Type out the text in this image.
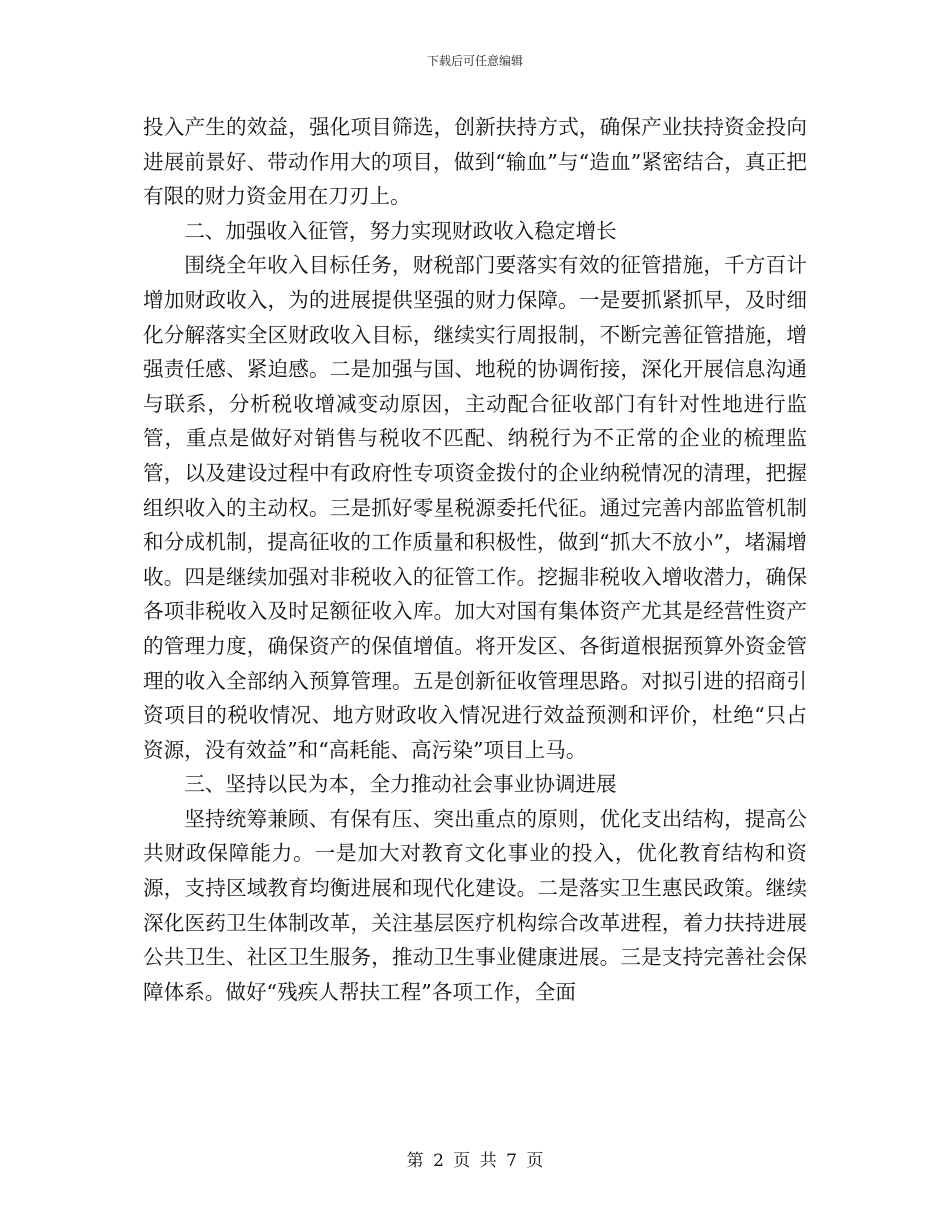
下载后可任意编辑

投入产生的效益，强化项目筛选，创新扶持方式，确保产业扶持资金投向进展前景好、带动作用大的项目，做到“输血”与“造血”紧密结合，真正把有限的财力资金用在刀刃上。

二、加强收入征管，努力实现财政收入稳定增长

围绕全年收入目标任务，财税部门要落实有效的征管措施，千方百计增加财政收入，为的进展提供坚强的财力保障。一是要抓紧抓早，及时细化分解落实全区财政收入目标，继续实行周报制，不断完善征管措施，增强责任感、紧迫感。二是加强与国、地税的协调衔接，深化开展信息沟通与联系，分析税收增减变动原因，主动配合征收部门有针对性地进行监管，重点是做好对销售与税收不匹配、纳税行为不正常的企业的梳理监管，以及建设过程中有政府性专项资金拨付的企业纳税情况的清理，把握组织收入的主动权。三是抓好零星税源委托代征。通过完善内部监管机制和分成机制，提高征收的工作质量和积极性，做到“抓大不放小”，堵漏增收。四是继续加强对非税收入的征管工作。挖掘非税收入增收潜力，确保各项非税收入及时足额征收入库。加大对国有集体资产尤其是经营性资产的管理力度，确保资产的保值增值。将开发区、各街道根据预算外资金管理的收入全部纳入预算管理。五是创新征收管理思路。对拟引进的招商引资项目的税收情况、地方财政收入情况进行效益预测和评价，杜绝“只占资源，没有效益”和“高耗能、高污染”项目上马。

三、坚持以民为本，全力推动社会事业协调进展

坚持统筹兼顾、有保有压、突出重点的原则，优化支出结构，提高公共财政保障能力。一是加大对教育文化事业的投入，优化教育结构和资源，支持区域教育均衡进展和现代化建设。二是落实卫生惠民政策。继续深化医药卫生体制改革，关注基层医疗机构综合改革进程，着力扶持进展公共卫生、社区卫生服务，推动卫生事业健康进展。三是支持完善社会保障体系。做好“残疾人帮扶工程”各项工作，全面

第 2 页 共 7 页
